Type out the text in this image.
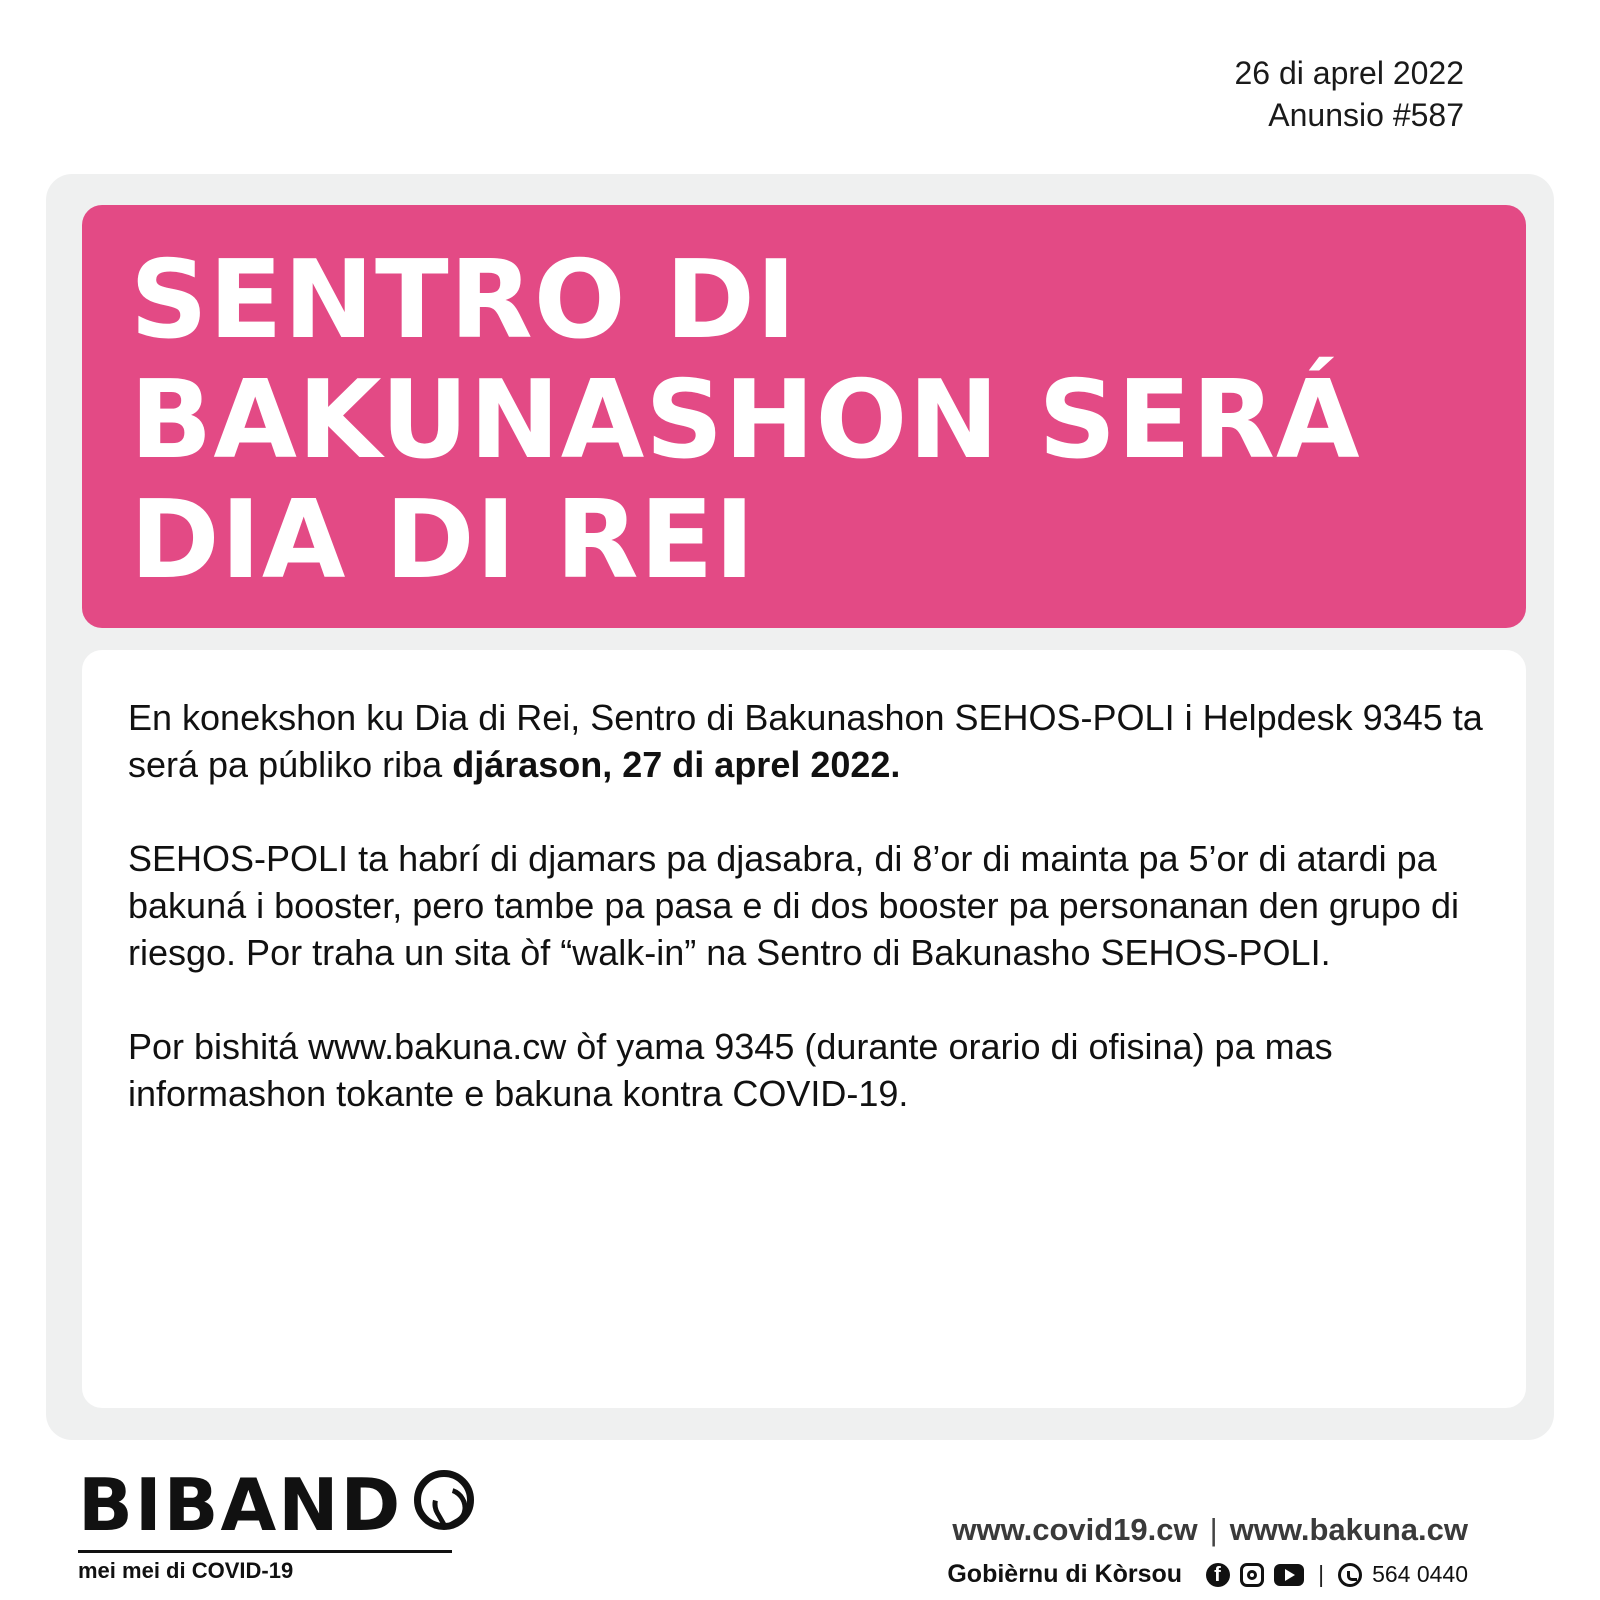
26 di aprel 2022
Anunsio #587
SENTRO DI
BAKUNASHON SERÁ
DIA DI REI

En konekshon ku Dia di Rei, Sentro di Bakunashon SEHOS-POLI i Helpdesk 9345 ta será pa públiko riba djárason, 27 di aprel 2022.

SEHOS-POLI ta habrí di djamars pa djasabra, di 8’or di mainta pa 5’or di atardi pa bakuná i booster, pero tambe pa pasa e di dos booster pa personanan den grupo di riesgo. Por traha un sita òf “walk-in” na Sentro di Bakunasho SEHOS-POLI.

Por bishitá www.bakuna.cw òf yama 9345 (durante orario di ofisina) pa mas informashon tokante e bakuna kontra COVID-19.

BIBAND
mei mei di COVID-19
www.covid19.cw | www.bakuna.cw
Gobièrnu di Kòrsou
f	| 564 0440
